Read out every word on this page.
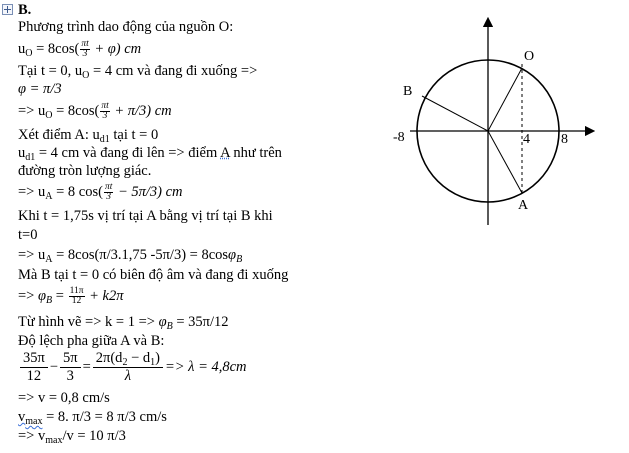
B.
Phương trình dao động của nguồn O:
$u_O = 8\cos( \frac{\pi t}{3} + \varphi)$ cm
Tại t = 0, $u_O = 4$ cm và đang đi xuống =>
φ = π/3
=> $u_O = 8\cos( \frac{\pi t}{3} + \pi/3)$ cm
Xét điểm A: $u_{d1}$ tại t = 0
$u_{d1} = 4$ cm và đang đi lên => điểm A như trên
đường tròn lượng giác.
=> $u_A = 8$ $\cos( \frac{\pi t}{3} - 5\pi/3)$ cm
Khi t = 1,75s vị trí tại A bằng vị trí tại B khi
t=0
=> $u_A = 8\cos(\pi/3.1,75$ -5π/3) = 8cosφ$_B$
Mà B tại t = 0 có biên độ âm và đang đi xuống
=> $\varphi_B = \frac{11\pi}{12} + k2\pi$
Từ hình vẽ => $k = 1 => \varphi_B = 35\pi/12$
Độ lệch pha giữa A và B:
$\frac{35\pi}{12} - \frac{5\pi}{3} = \frac{2\pi(d_2 - d_1)}{\lambda} => \lambda = 4,8cm$
=> v = 0,8 cm/s
$v_{max} = 8$. π/3 = 8 π/3 cm/s
=> $v_{max}/v = 10$ π/3
O
B
A
-8	4 8
